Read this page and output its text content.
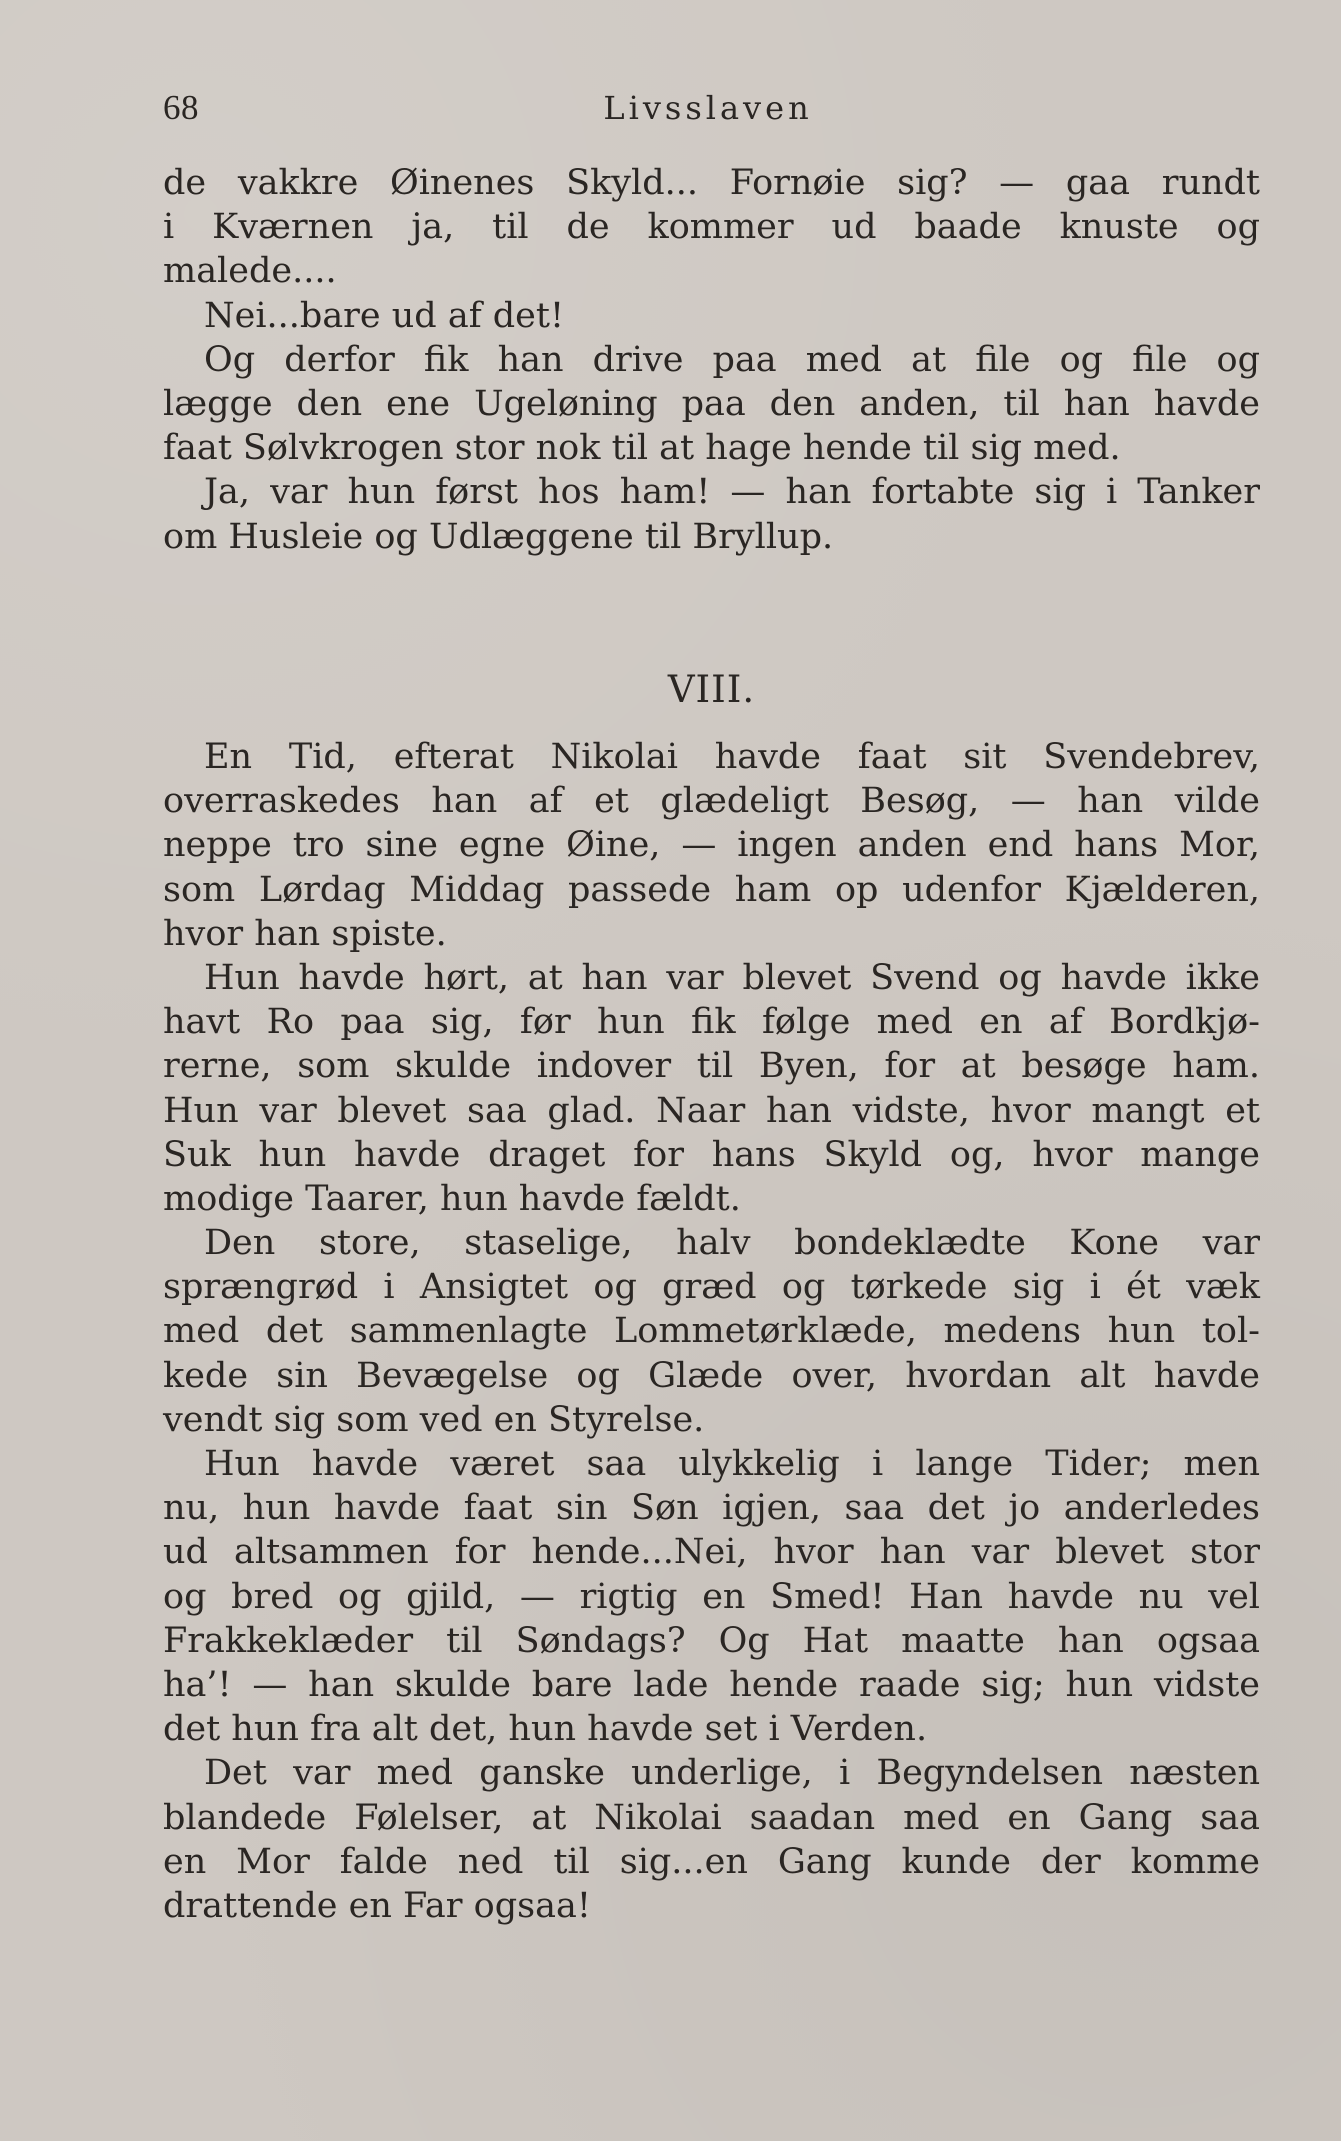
68	Livsslaven
de vakkre Øinenes Skyld... Fornøie sig? — gaa rundt
i Kværnen ja, til de kommer ud baade knuste og
malede....
Nei...bare ud af det!
Og derfor fik han drive paa med at file og file og
lægge den ene Ugeløning paa den anden, til han havde
faat Sølvkrogen stor nok til at hage hende til sig med.
Ja, var hun først hos ham! — han fortabte sig i Tanker
om Husleie og Udlæggene til Bryllup.
VIII.
En Tid, efterat Nikolai havde faat sit Svendebrev,
overraskedes han af et glædeligt Besøg, — han vilde
neppe tro sine egne Øine, — ingen anden end hans Mor,
som Lørdag Middag passede ham op udenfor Kjælderen,
hvor han spiste.
Hun havde hørt, at han var blevet Svend og havde ikke
havt Ro paa sig, før hun fik følge med en af Bordkjø-
rerne, som skulde indover til Byen, for at besøge ham.
Hun var blevet saa glad. Naar han vidste, hvor mangt et
Suk hun havde draget for hans Skyld og, hvor mange
modige Taarer, hun havde fældt.
Den store, staselige, halv bondeklædte Kone var
sprængrød i Ansigtet og græd og tørkede sig i ét væk
med det sammenlagte Lommetørklæde, medens hun tol-
kede sin Bevægelse og Glæde over, hvordan alt havde
vendt sig som ved en Styrelse.
Hun havde været saa ulykkelig i lange Tider; men
nu, hun havde faat sin Søn igjen, saa det jo anderledes
ud altsammen for hende...Nei, hvor han var blevet stor
og bred og gjild, — rigtig en Smed! Han havde nu vel
Frakkeklæder til Søndags? Og Hat maatte han ogsaa
ha’! — han skulde bare lade hende raade sig; hun vidste
det hun fra alt det, hun havde set i Verden.
Det var med ganske underlige, i Begyndelsen næsten
blandede Følelser, at Nikolai saadan med en Gang saa
en Mor falde ned til sig...en Gang kunde der komme
drattende en Far ogsaa!
